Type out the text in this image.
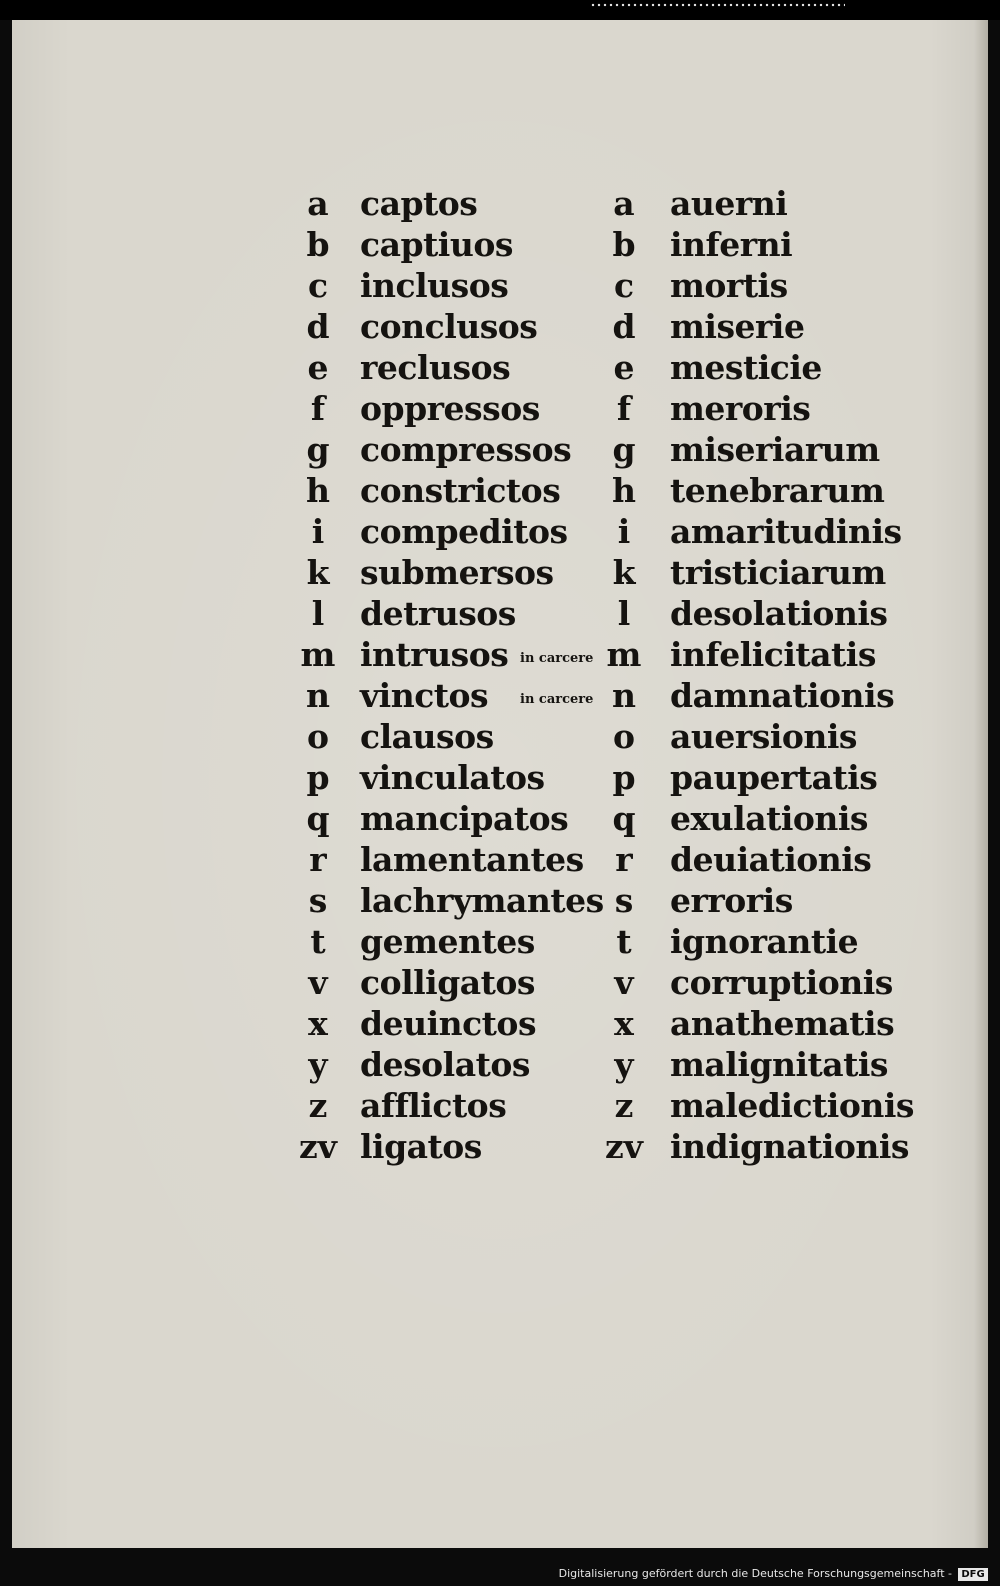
a captos	a auerni
b captiuos	b inferni
c inclusos	c	mortis
d conclusos d miserie
e reclusos	e mesticie
f	oppressos	f	meroris
g compressos g miseriarum
h constrictos h tenebrarum
i	compeditos	i	amaritudinis
k submersos k tristiciarum
l	detrusos	l	desolationis
m intrusos in carcere m infelicitatis
n vinctos in carcere n damnationis
o clausos	o auersionis
p vinculatos p paupertatis
q mancipatos q exulationis
r	lamentantes r	deuiationis
s lachrymantes s	erroris
t	gementes	t	ignorantie
v colligatos	v	corruptionis
x deuinctos	x	anathematis
y desolatos	y	malignitatis
z afflictos	z	maledictionis
zv ligatos	zv indignationis
Digitalisierung gefördert durch die Deutsche Forschungsgemeinschaft - DFG
